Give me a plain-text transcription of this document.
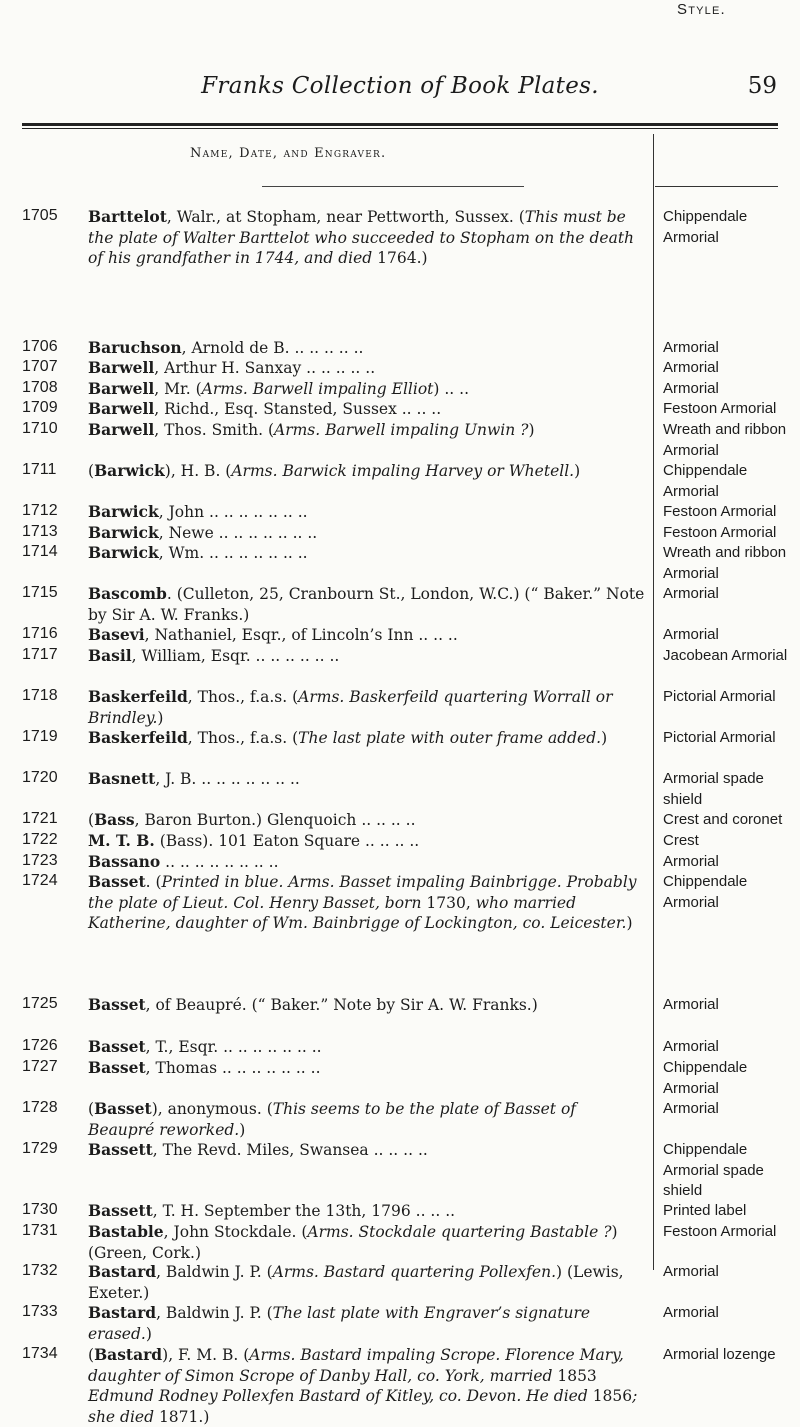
Franks Collection of Book Plates.	59
Name, Date, and Engraver.
Style.
1705 Barttelot, Walr., at Stopham, near Pettworth, Sussex. (This must be the plate of Walter Barttelot who succeeded to Stopham on the death of his grandfather in 1744, and died 1764.)
Chippendale Armorial
1706 Baruchson, Arnold de B. .. .. .. .. ..	Armorial
1707 Barwell, Arthur H. Sanxay .. .. .. .. ..	Armorial
1708 Barwell, Mr. (Arms. Barwell impaling Elliot) .. ..	Armorial
1709 Barwell, Richd., Esq. Stansted, Sussex .. .. ..	Festoon Armorial
1710 Barwell, Thos. Smith. (Arms. Barwell impaling Unwin ?)	Wreath and ribbon Armorial
1711 (Barwick), H. B. (Arms. Barwick impaling Harvey or Whetell.)	Chippendale Armorial
1712 Barwick, John .. .. .. .. .. .. ..	Festoon Armorial
1713 Barwick, Newe .. .. .. .. .. .. ..	Festoon Armorial
1714 Barwick, Wm. .. .. .. .. .. .. ..	Wreath and ribbon Armorial
1715 Bascomb. (Culleton, 25, Cranbourn St., London, W.C.) (“ Baker.” Note by Sir A. W. Franks.)
Armorial
1716 Basevi, Nathaniel, Esqr., of Lincoln’s Inn .. .. ..	Armorial
1717 Basil, William, Esqr. .. .. .. .. .. ..	Jacobean Armorial
1718 Baskerfeild, Thos., f.a.s. (Arms. Baskerfeild quartering Worrall or Brindley.)
Pictorial Armorial
1719 Baskerfeild, Thos., f.a.s. (The last plate with outer frame added.)	Pictorial Armorial
1720 Basnett, J. B. .. .. .. .. .. .. ..	Armorial spade shield
1721 (Bass, Baron Burton.) Glenquoich .. .. .. ..	Crest and coronet
1722 M. T. B. (Bass). 101 Eaton Square .. .. .. ..	Crest
1723 Bassano .. .. .. .. .. .. .. ..	Armorial
1724 Basset. (Printed in blue. Arms. Basset impaling Bainbrigge. Probably the plate of Lieut. Col. Henry Basset, born 1730, who married Katherine, daughter of Wm. Bainbrigge of Lockington, co. Leicester.)
Chippendale Armorial
1725 Basset, of Beaupré. (“ Baker.” Note by Sir A. W. Franks.)	Armorial
1726 Basset, T., Esqr. .. .. .. .. .. .. ..	Armorial
1727 Basset, Thomas .. .. .. .. .. .. ..	Chippendale Armorial
1728 (Basset), anonymous. (This seems to be the plate of Basset of Beaupré reworked.)
Armorial
1729 Bassett, The Revd. Miles, Swansea .. .. .. ..	Chippendale Armorial spade shield
1730 Bassett, T. H. September the 13th, 1796 .. .. ..	Printed label
1731 Bastable, John Stockdale. (Arms. Stockdale quartering Bastable ?) (Green, Cork.)
Festoon Armorial
1732 Bastard, Baldwin J. P. (Arms. Bastard quartering Pollexfen.) (Lewis, Exeter.)
Armorial
1733 Bastard, Baldwin J. P. (The last plate with Engraver’s signature erased.)
Armorial
1734 (Bastard), F. M. B. (Arms. Bastard impaling Scrope. Florence Mary, daughter of Simon Scrope of Danby Hall, co. York, married 1853 Edmund Rodney Pollexfen Bastard of Kitley, co. Devon. He died 1856; she died 1871.)
Armorial lozenge
